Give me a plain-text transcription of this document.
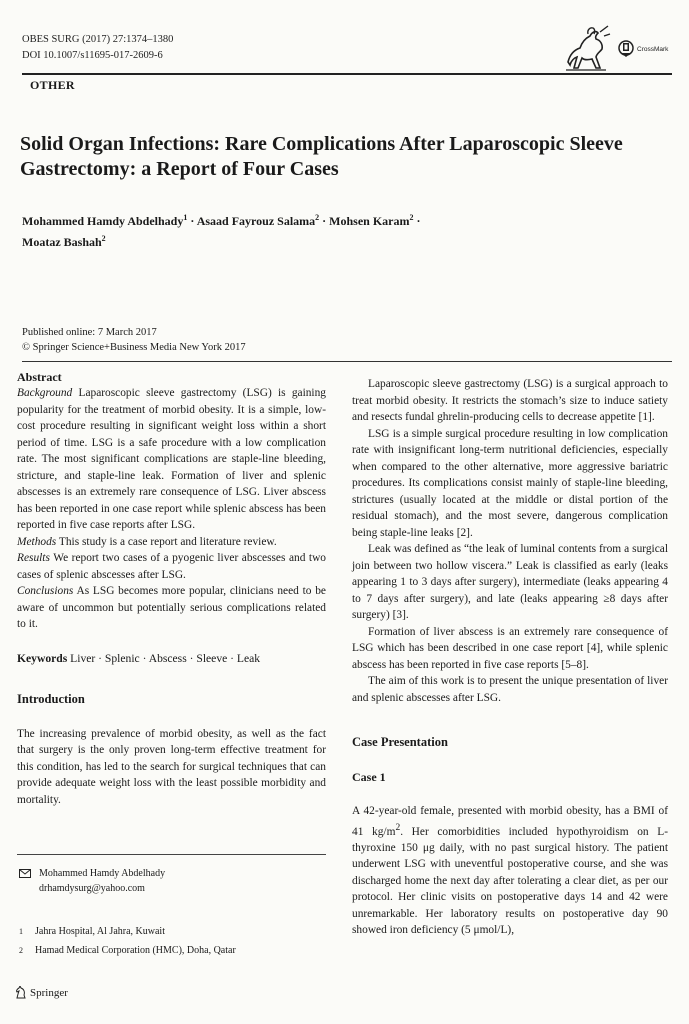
OBES SURG (2017) 27:1374–1380
DOI 10.1007/s11695-017-2609-6
CrossMark
OTHER
Solid Organ Infections: Rare Complications After Laparoscopic Sleeve Gastrectomy: a Report of Four Cases
Mohammed Hamdy Abdelhady$^1$ · Asaad Fayrouz Salama$^2$ · Mohsen Karam$^2$ ·
Moataz Bashah$^2$
Published online: 7 March 2017
© Springer Science+Business Media New York 2017
Abstract

Background Laparoscopic sleeve gastrectomy (LSG) is gaining popularity for the treatment of morbid obesity. It is a simple, low-cost procedure resulting in significant weight loss within a short period of time. LSG is a safe procedure with a low complication rate. The most significant complications are staple-line bleeding, stricture, and staple-line leak. Formation of liver and splenic abscesses is an extremely rare consequence of LSG. Liver abscess has been reported in one case report while splenic abscess has been reported in five case reports after LSG.

Methods This study is a case report and literature review.

Results We report two cases of a pyogenic liver abscesses and two cases of splenic abscesses after LSG.

Conclusions As LSG becomes more popular, clinicians need to be aware of uncommon but potentially serious complications related to it.

Keywords Liver · Splenic · Abscess · Sleeve · Leak

Introduction

The increasing prevalence of morbid obesity, as well as the fact that surgery is the only proven long-term effective treatment for this condition, has led to the search for surgical techniques that can provide adequate weight loss with the least possible morbidity and mortality.

Laparoscopic sleeve gastrectomy (LSG) is a surgical approach to treat morbid obesity. It restricts the stomach’s size to induce satiety and resects fundal ghrelin-producing cells to decrease appetite [1].

LSG is a simple surgical procedure resulting in low complication rate with insignificant long-term nutritional deficiencies, especially when compared to the other alternative, more aggressive bariatric procedures. Its complications consist mainly of staple-line bleeding, strictures (usually located at the middle or distal portion of the residual stomach), and the most severe, dangerous complication being staple-line leaks [2].

Leak was defined as “the leak of luminal contents from a surgical join between two hollow viscera.” Leak is classified as early (leaks appearing 1 to 3 days after surgery), intermediate (leaks appearing 4 to 7 days after surgery), and late (leaks appearing ≥8 days after surgery) [3].

Formation of liver abscess is an extremely rare consequence of LSG which has been described in one case report [4], while splenic abscess has been reported in five case reports [5–8].

The aim of this work is to present the unique presentation of liver and splenic abscesses after LSG.

Case Presentation
Case 1

A 42-year-old female, presented with morbid obesity, has a BMI of 41 $kg/m^2$. Her comorbidities included hypothyroidism on L-thyroxine 150 μg daily, with no past surgical history. The patient underwent LSG with uneventful postoperative course, and she was discharged home the next day after tolerating a clear diet, as per our protocol. Her clinic visits on postoperative days 14 and 42 were unremarkable. Her laboratory results on postoperative day 90 showed iron deficiency (5 μmol/L),

Mohammed Hamdy Abdelhady
drhamdysurg@yahoo.com
1 Jahra Hospital, Al Jahra, Kuwait
2 Hamad Medical Corporation (HMC), Doha, Qatar
Springer
